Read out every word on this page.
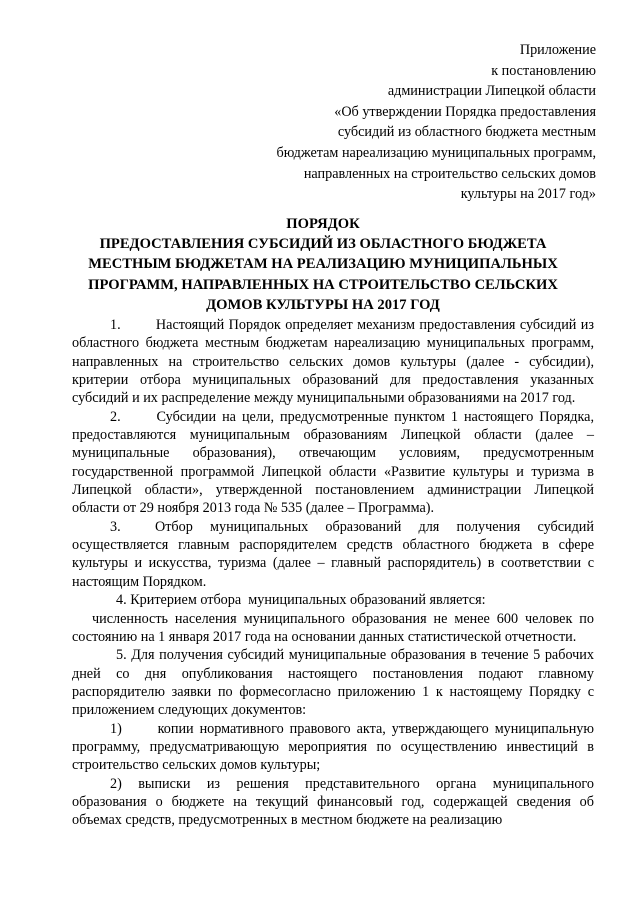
Приложение
к постановлению
администрации Липецкой области
«Об утверждении Порядка предоставления
субсидий из областного бюджета местным
бюджетам нареализацию муниципальных программ,
направленных на строительство сельских домов
культуры на 2017 год»
ПОРЯДОК
ПРЕДОСТАВЛЕНИЯ СУБСИДИЙ ИЗ ОБЛАСТНОГО БЮДЖЕТА
МЕСТНЫМ БЮДЖЕТАМ НА РЕАЛИЗАЦИЮ МУНИЦИПАЛЬНЫХ
ПРОГРАММ, НАПРАВЛЕННЫХ НА СТРОИТЕЛЬСТВО СЕЛЬСКИХ
ДОМОВ КУЛЬТУРЫ НА 2017 ГОД

1.        Настоящий Порядок определяет механизм предоставления субсидий из областного бюджета местным бюджетам нареализацию муниципальных программ, направленных на строительство сельских домов культуры (далее - субсидии), критерии отбора муниципальных образований для предоставления указанных субсидий и их распределение между муниципальными образованиями на 2017 год.

2.      Субсидии на цели, предусмотренные пунктом 1 настоящего Порядка, предоставляются муниципальным образованиям Липецкой области (далее – муниципальные образования), отвечающим условиям, предусмотренным государственной программой Липецкой области «Развитие культуры и туризма в Липецкой области», утвержденной постановлением администрации Липецкой области от 29 ноября 2013 года № 535 (далее – Программа).

3.  Отбор муниципальных образований для получения субсидий осуществляется главным распорядителем средств областного бюджета в сфере культуры и искусства, туризма (далее – главный распорядитель) в соответствии с настоящим Порядком.

4. Критерием отбора  муниципальных образований является:

численность населения муниципального образования не менее 600 человек по состоянию на 1 января 2017 года на основании данных статистической отчетности.

5. Для получения субсидий муниципальные образования в течение 5 рабочих дней со дня опубликования настоящего постановления подают главному распорядителю заявки по формесогласно приложению 1 к настоящему Порядку с приложением следующих документов:

1)      копии нормативного правового акта, утверждающего муниципальную программу, предусматривающую мероприятия по осуществлению инвестиций в строительство сельских домов культуры;

2) выписки из решения представительного органа муниципального образования о бюджете на текущий финансовый год, содержащей сведения об объемах средств, предусмотренных в местном бюджете на реализацию
